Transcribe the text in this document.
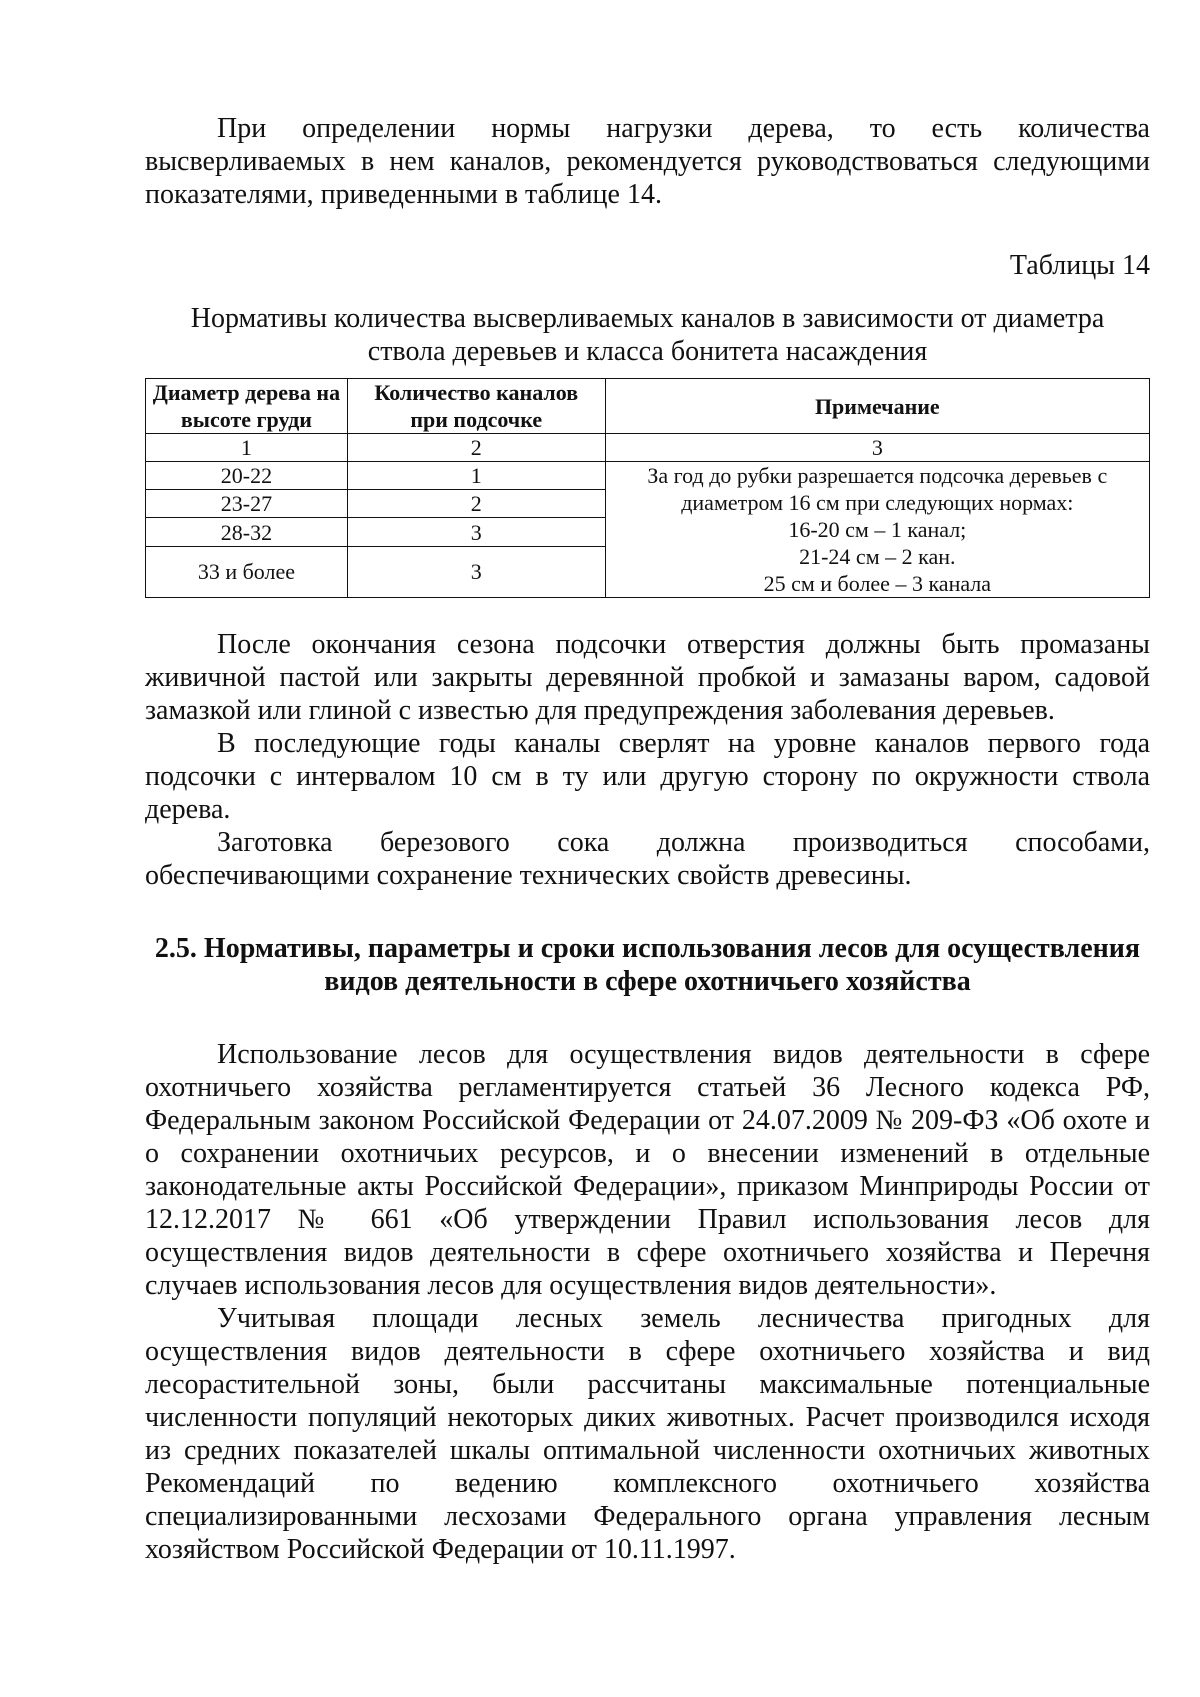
При определении нормы нагрузки дерева, то есть количества высверливаемых в нем каналов, рекомендуется руководствоваться следующими показателями, приведенными в таблице 14.

Таблицы 14
Нормативы количества высверливаемых каналов в зависимости от диаметра ствола деревьев и класса бонитета насаждения
Диаметр дерева на высоте груди	Количество каналов при подсочке	Примечание
1	2	3
20-22	1	За год до рубки разрешается подсочка деревьев с
диаметром 16 см при следующих нормах:
16-20 см – 1 канал;
21-24 см – 2 кан.
25 см и более – 3 канала

23-27	2	
28-32	3	
33 и более	3	

После окончания сезона подсочки отверстия должны быть промазаны живичной пастой или закрыты деревянной пробкой и замазаны варом, садовой замазкой или глиной с известью для предупреждения заболевания деревьев.

В последующие годы каналы сверлят на уровне каналов первого года подсочки с интервалом 10 см в ту или другую сторону по окружности ствола дерева.

Заготовка березового сока должна производиться способами, обеспечивающими сохранение технических свойств древесины.

2.5. Нормативы, параметры и сроки использования лесов для осуществления
видов деятельности в сфере охотничьего хозяйства

Использование лесов для осуществления видов деятельности в сфере охотничьего хозяйства регламентируется статьей 36 Лесного кодекса РФ, Федеральным законом Российской Федерации от 24.07.2009 № 209-ФЗ «Об охоте и о сохранении охотничьих ресурсов, и о внесении изменений в отдельные законодательные акты Российской Федерации», приказом Минприроды России от 12.12.2017 № 661 «Об утверждении Правил использования лесов для осуществления видов деятельности в сфере охотничьего хозяйства и Перечня случаев использования лесов для осуществления видов деятельности».

Учитывая площади лесных земель лесничества пригодных для осуществления видов деятельности в сфере охотничьего хозяйства и вид лесорастительной зоны, были рассчитаны максимальные потенциальные численности популяций некоторых диких животных. Расчет производился исходя из средних показателей шкалы оптимальной численности охотничьих животных Рекомендаций по ведению комплексного охотничьего хозяйства специализированными лесхозами Федерального органа управления лесным хозяйством Российской Федерации от 10.11.1997.
